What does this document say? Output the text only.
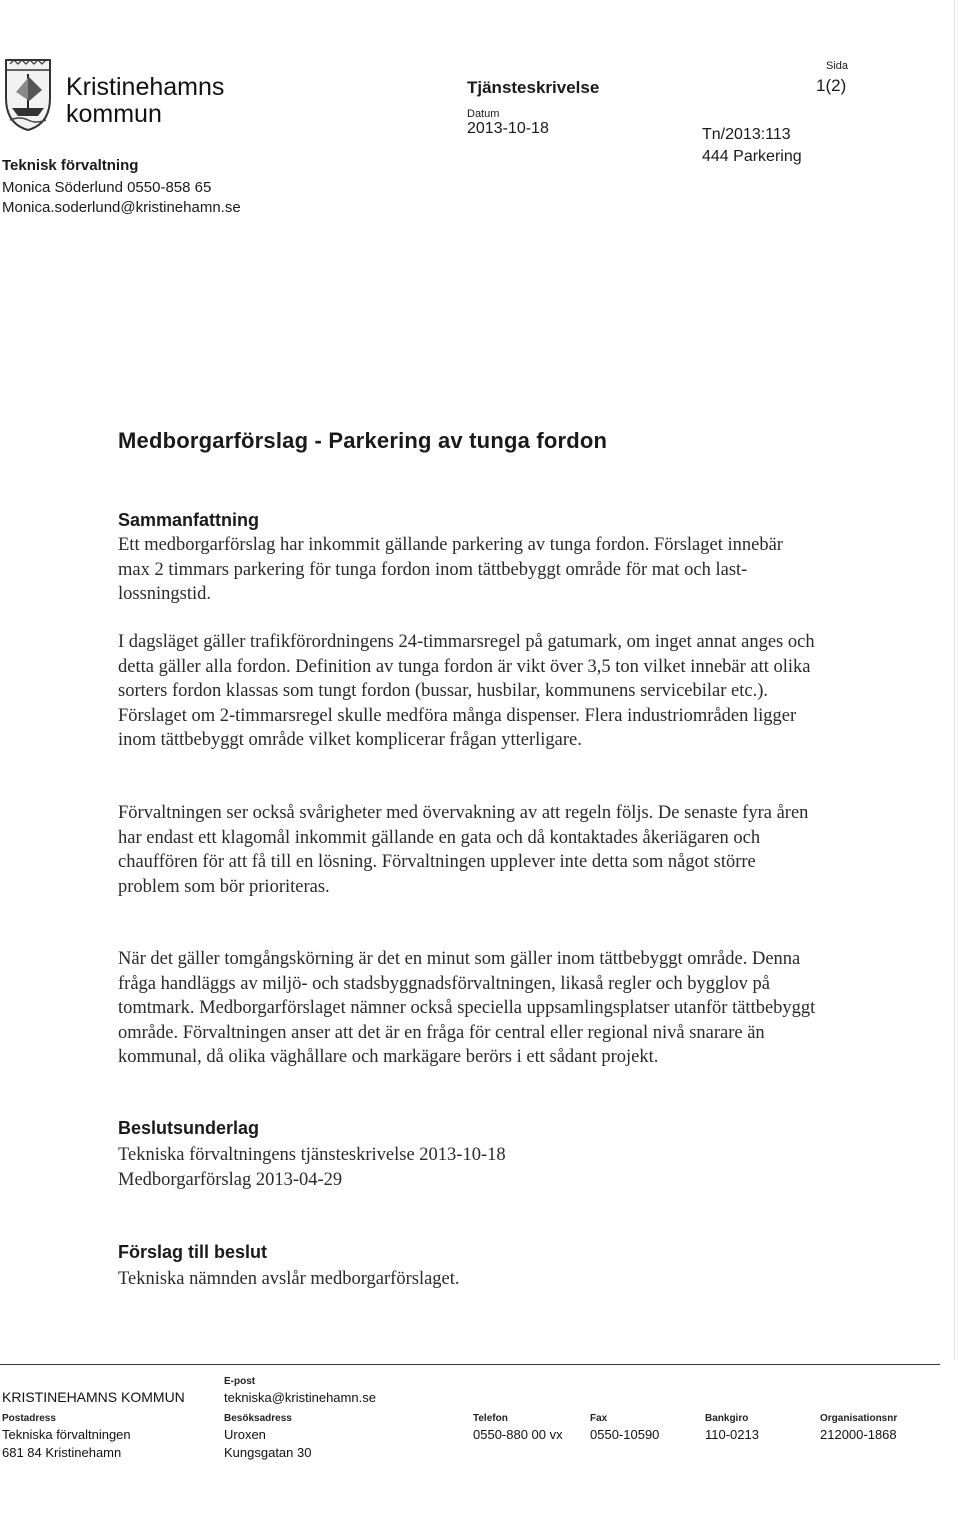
Kristinehamns
kommun
Teknisk förvaltning
Monica Söderlund 0550-858 65
Monica.soderlund@kristinehamn.se
Tjänsteskrivelse
Datum
2013-10-18	Tn/2013:113
444 Parkering
Sida
1(2)
Medborgarförslag - Parkering av tunga fordon
Sammanfattning

Ett medborgarförslag har inkommit gällande parkering av tunga fordon. Förslaget innebär max 2 timmars parkering för tunga fordon inom tättbebyggt område för mat och last-lossningstid.

I dagsläget gäller trafikförordningens 24-timmarsregel på gatumark, om inget annat anges och detta gäller alla fordon. Definition av tunga fordon är vikt över 3,5 ton vilket innebär att olika sorters fordon klassas som tungt fordon (bussar, husbilar, kommunens servicebilar etc.). Förslaget om 2-timmarsregel skulle medföra många dispenser. Flera industriområden ligger inom tättbebyggt område vilket komplicerar frågan ytterligare.

Förvaltningen ser också svårigheter med övervakning av att regeln följs. De senaste fyra åren har endast ett klagomål inkommit gällande en gata och då kontaktades åkeriägaren och chauffören för att få till en lösning. Förvaltningen upplever inte detta som något större problem som bör prioriteras.

När det gäller tomgångskörning är det en minut som gäller inom tättbebyggt område. Denna fråga handläggs av miljö- och stadsbyggnadsförvaltningen, likaså regler och bygglov på tomtmark. Medborgarförslaget nämner också speciella uppsamlingsplatser utanför tättbebyggt område. Förvaltningen anser att det är en fråga för central eller regional nivå snarare än kommunal, då olika väghållare och markägare berörs i ett sådant projekt.

Beslutsunderlag

Tekniska förvaltningens tjänsteskrivelse 2013-10-18

Medborgarförslag 2013-04-29

Förslag till beslut

Tekniska nämnden avslår medborgarförslaget.

KRISTINEHAMNS KOMMUN
E-post
tekniska@kristinehamn.se
Postadress
Tekniska förvaltningen
681 84 Kristinehamn
Besöksadress
Uroxen
Kungsgatan 30
Telefon
0550-880 00 vx
Fax
0550-10590
Bankgiro
110-0213
Organisationsnr
212000-1868
